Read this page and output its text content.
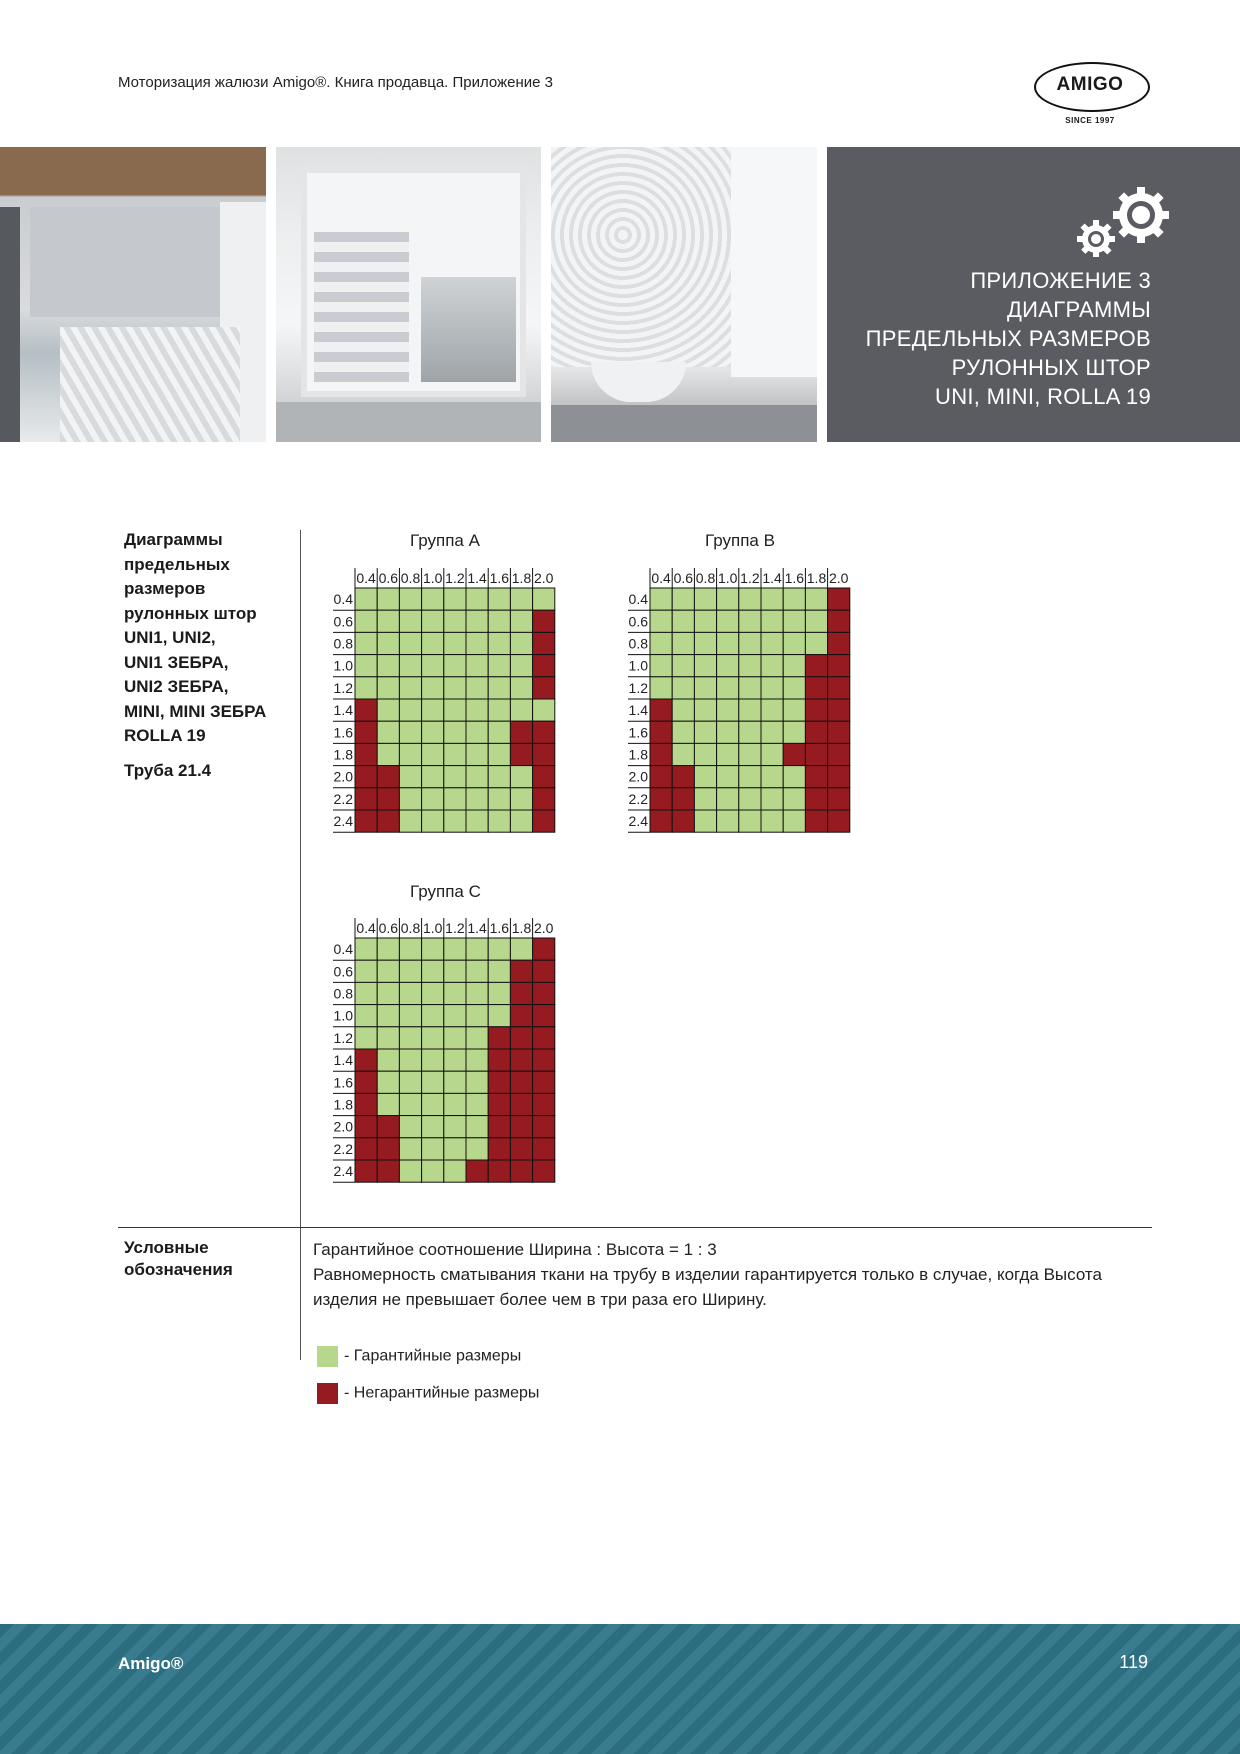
Моторизация жалюзи Amigo®. Книга продавца. Приложение 3	AMIGO
SINCE 1997
ПРИЛОЖЕНИЕ 3
ДИАГРАММЫ
ПРЕДЕЛЬНЫХ РАЗМЕРОВ
РУЛОННЫХ ШТОР
UNI, MINI, ROLLA 19
Диаграммы
предельных
размеров
рулонных штор
UNI1, UNI2,
UNI1 ЗЕБРА,
UNI2 ЗЕБРА,
MINI, MINI ЗЕБРА
ROLLA 19
Труба 21.4
Группа A
0.4 0.6 0.8 1.0 1.2 1.4 1.6 1.8 2.0
0.4
0.6
0.8
1.0
1.2
1.4
1.6
1.8
2.0
2.2
2.4
Группа B
0.4 0.6 0.8 1.0 1.2 1.4 1.6 1.8 2.0
0.4
0.6
0.8
1.0
1.2
1.4
1.6
1.8
2.0
2.2
2.4
Группа C
0.4 0.6 0.8 1.0 1.2 1.4 1.6 1.8 2.0
0.4
0.6
0.8
1.0
1.2
1.4
1.6
1.8
2.0
2.2
2.4
Условные
обозначения
Гарантийное соотношение Ширина : Высота = 1 : 3
Равномерность сматывания ткани на трубу в изделии гарантируется только в случае, когда Высота изделия не превышает более чем в три раза его Ширину.
- Гарантийные размеры
- Негарантийные размеры
Amigo®	119
